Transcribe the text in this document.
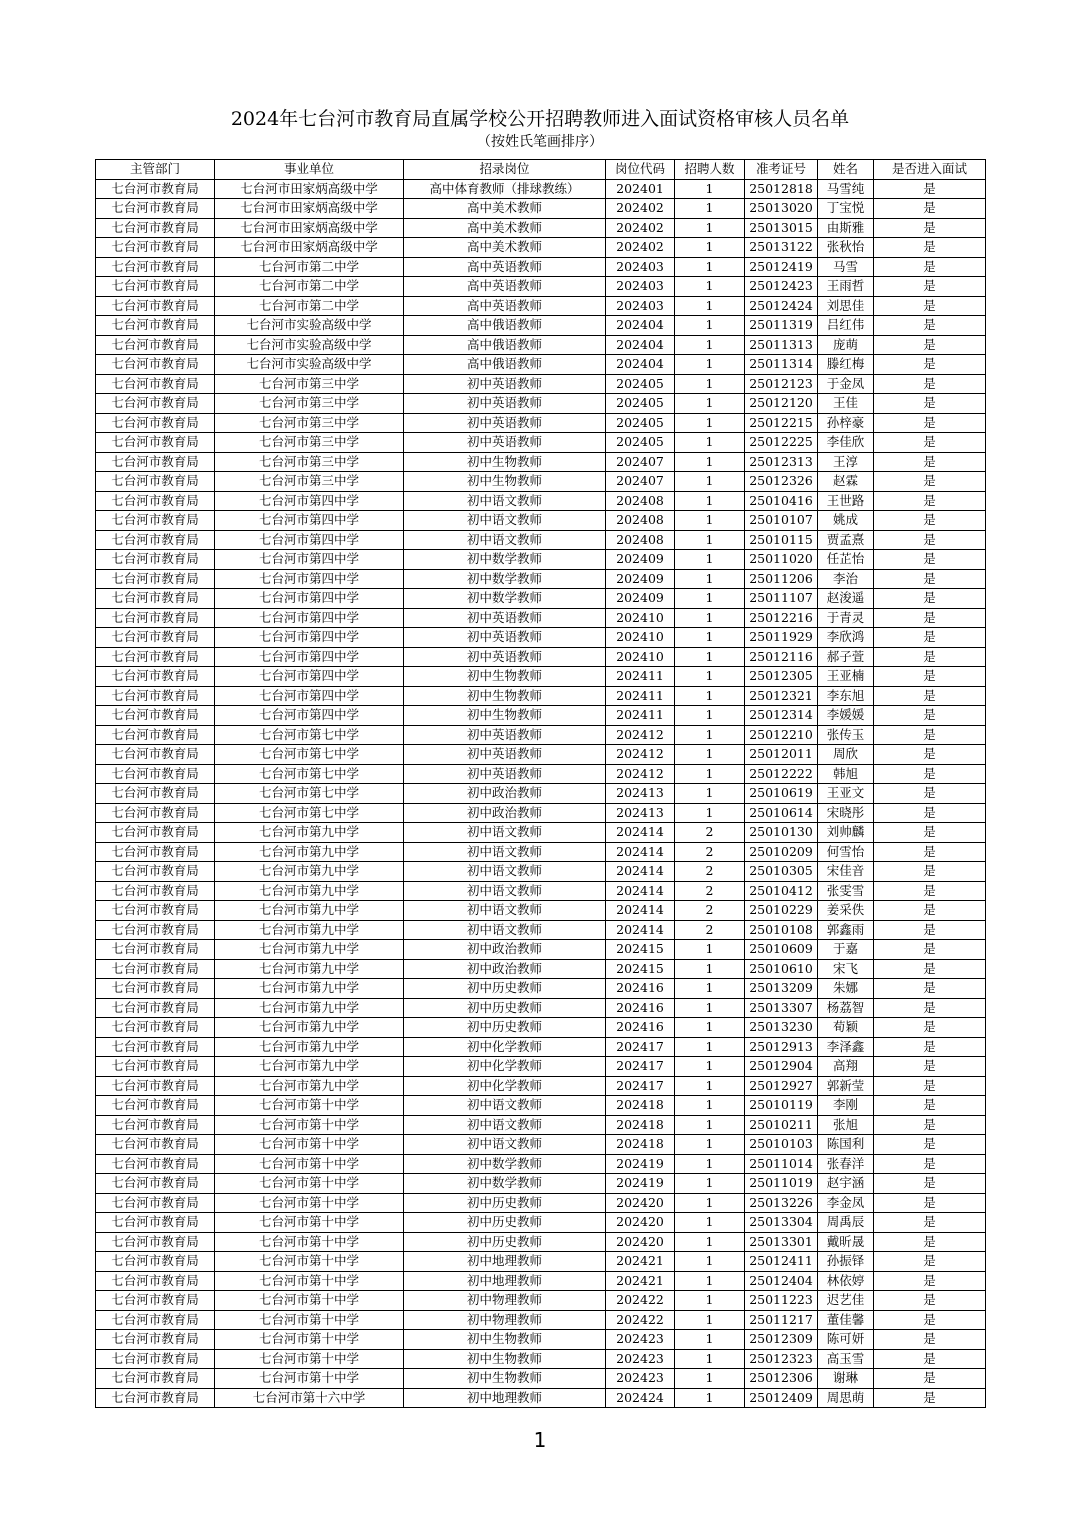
2024年七台河市教育局直属学校公开招聘教师进入面试资格审核人员名单
（按姓氏笔画排序）
主管部门	事业单位	招录岗位	岗位代码	招聘人数	准考证号	姓名	是否进入面试
七台河市教育局	七台河市田家炳高级中学	高中体育教师（排球教练）	202401	1	25012818	马雪纯	是
七台河市教育局	七台河市田家炳高级中学	高中美术教师	202402	1	25013020	丁宝悦	是
七台河市教育局	七台河市田家炳高级中学	高中美术教师	202402	1	25013015	由斯雅	是
七台河市教育局	七台河市田家炳高级中学	高中美术教师	202402	1	25013122	张秋怡	是
七台河市教育局	七台河市第二中学	高中英语教师	202403	1	25012419	马雪	是
七台河市教育局	七台河市第二中学	高中英语教师	202403	1	25012423	王雨哲	是
七台河市教育局	七台河市第二中学	高中英语教师	202403	1	25012424	刘思佳	是
七台河市教育局	七台河市实验高级中学	高中俄语教师	202404	1	25011319	吕红伟	是
七台河市教育局	七台河市实验高级中学	高中俄语教师	202404	1	25011313	庞萌	是
七台河市教育局	七台河市实验高级中学	高中俄语教师	202404	1	25011314	滕红梅	是
七台河市教育局	七台河市第三中学	初中英语教师	202405	1	25012123	于金凤	是
七台河市教育局	七台河市第三中学	初中英语教师	202405	1	25012120	王佳	是
七台河市教育局	七台河市第三中学	初中英语教师	202405	1	25012215	孙梓豪	是
七台河市教育局	七台河市第三中学	初中英语教师	202405	1	25012225	李佳欣	是
七台河市教育局	七台河市第三中学	初中生物教师	202407	1	25012313	王淳	是
七台河市教育局	七台河市第三中学	初中生物教师	202407	1	25012326	赵霖	是
七台河市教育局	七台河市第四中学	初中语文教师	202408	1	25010416	王世路	是
七台河市教育局	七台河市第四中学	初中语文教师	202408	1	25010107	姚成	是
七台河市教育局	七台河市第四中学	初中语文教师	202408	1	25010115	贾孟熹	是
七台河市教育局	七台河市第四中学	初中数学教师	202409	1	25011020	任芷怡	是
七台河市教育局	七台河市第四中学	初中数学教师	202409	1	25011206	李治	是
七台河市教育局	七台河市第四中学	初中数学教师	202409	1	25011107	赵浚遥	是
七台河市教育局	七台河市第四中学	初中英语教师	202410	1	25012216	于青灵	是
七台河市教育局	七台河市第四中学	初中英语教师	202410	1	25011929	李欣鸿	是
七台河市教育局	七台河市第四中学	初中英语教师	202410	1	25012116	郝子萱	是
七台河市教育局	七台河市第四中学	初中生物教师	202411	1	25012305	王亚楠	是
七台河市教育局	七台河市第四中学	初中生物教师	202411	1	25012321	李东旭	是
七台河市教育局	七台河市第四中学	初中生物教师	202411	1	25012314	李媛媛	是
七台河市教育局	七台河市第七中学	初中英语教师	202412	1	25012210	张传玉	是
七台河市教育局	七台河市第七中学	初中英语教师	202412	1	25012011	周欣	是
七台河市教育局	七台河市第七中学	初中英语教师	202412	1	25012222	韩旭	是
七台河市教育局	七台河市第七中学	初中政治教师	202413	1	25010619	王亚文	是
七台河市教育局	七台河市第七中学	初中政治教师	202413	1	25010614	宋晓彤	是
七台河市教育局	七台河市第九中学	初中语文教师	202414	2	25010130	刘帅麟	是
七台河市教育局	七台河市第九中学	初中语文教师	202414	2	25010209	何雪怡	是
七台河市教育局	七台河市第九中学	初中语文教师	202414	2	25010305	宋佳音	是
七台河市教育局	七台河市第九中学	初中语文教师	202414	2	25010412	张雯雪	是
七台河市教育局	七台河市第九中学	初中语文教师	202414	2	25010229	姜采佚	是
七台河市教育局	七台河市第九中学	初中语文教师	202414	2	25010108	郭鑫雨	是
七台河市教育局	七台河市第九中学	初中政治教师	202415	1	25010609	于嘉	是
七台河市教育局	七台河市第九中学	初中政治教师	202415	1	25010610	宋飞	是
七台河市教育局	七台河市第九中学	初中历史教师	202416	1	25013209	朱娜	是
七台河市教育局	七台河市第九中学	初中历史教师	202416	1	25013307	杨荔智	是
七台河市教育局	七台河市第九中学	初中历史教师	202416	1	25013230	荀颖	是
七台河市教育局	七台河市第九中学	初中化学教师	202417	1	25012913	李泽鑫	是
七台河市教育局	七台河市第九中学	初中化学教师	202417	1	25012904	高翔	是
七台河市教育局	七台河市第九中学	初中化学教师	202417	1	25012927	郭新莹	是
七台河市教育局	七台河市第十中学	初中语文教师	202418	1	25010119	李刚	是
七台河市教育局	七台河市第十中学	初中语文教师	202418	1	25010211	张旭	是
七台河市教育局	七台河市第十中学	初中语文教师	202418	1	25010103	陈国利	是
七台河市教育局	七台河市第十中学	初中数学教师	202419	1	25011014	张春洋	是
七台河市教育局	七台河市第十中学	初中数学教师	202419	1	25011019	赵宇涵	是
七台河市教育局	七台河市第十中学	初中历史教师	202420	1	25013226	李金凤	是
七台河市教育局	七台河市第十中学	初中历史教师	202420	1	25013304	周禹辰	是
七台河市教育局	七台河市第十中学	初中历史教师	202420	1	25013301	戴昕晟	是
七台河市教育局	七台河市第十中学	初中地理教师	202421	1	25012411	孙振铎	是
七台河市教育局	七台河市第十中学	初中地理教师	202421	1	25012404	林依婷	是
七台河市教育局	七台河市第十中学	初中物理教师	202422	1	25011223	迟艺佳	是
七台河市教育局	七台河市第十中学	初中物理教师	202422	1	25011217	董佳馨	是
七台河市教育局	七台河市第十中学	初中生物教师	202423	1	25012309	陈可妍	是
七台河市教育局	七台河市第十中学	初中生物教师	202423	1	25012323	高玉雪	是
七台河市教育局	七台河市第十中学	初中生物教师	202423	1	25012306	谢琳	是
七台河市教育局	七台河市第十六中学	初中地理教师	202424	1	25012409	周思萌	是
1
